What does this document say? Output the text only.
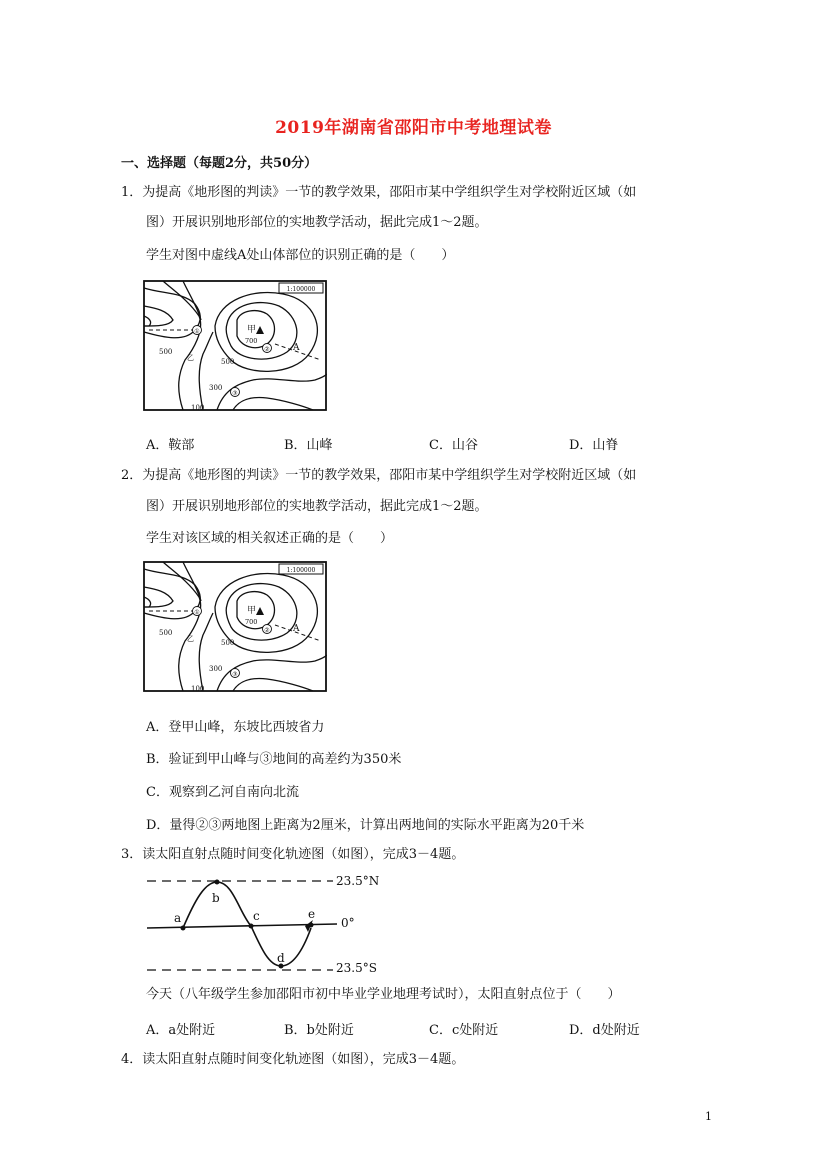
2019年湖南省邵阳市中考地理试卷
一、选择题（每题2分，共50分）
1．为提高《地形图的判读》一节的教学效果，邵阳市某中学组织学生对学校附近区域（如
图）开展识别地形部位的实地教学活动，据此完成1～2题。
学生对图中虚线A处山体部位的识别正确的是（　　）
1:100000
甲
700
A
500
500
300
100
①
②
③
乙
A．鞍部	B．山峰	C．山谷	D．山脊
2．为提高《地形图的判读》一节的教学效果，邵阳市某中学组织学生对学校附近区域（如
图）开展识别地形部位的实地教学活动，据此完成1～2题。
学生对该区域的相关叙述正确的是（　　）
1:100000
甲
700
A
500
500
300
100
①
②
③
乙
A．登甲山峰，东坡比西坡省力
B．验证到甲山峰与③地间的高差约为350米
C．观察到乙河自南向北流
D．量得②③两地图上距离为2厘米，计算出两地间的实际水平距离为20千米
3．读太阳直射点随时间变化轨迹图（如图），完成3－4题。
23.5°N
0°
23.5°S
a
b
c
d
e
今天（八年级学生参加邵阳市初中毕业学业地理考试时），太阳直射点位于（　　）
A．a处附近	B．b处附近	C．c处附近	D．d处附近
4．读太阳直射点随时间变化轨迹图（如图），完成3－4题。
1
